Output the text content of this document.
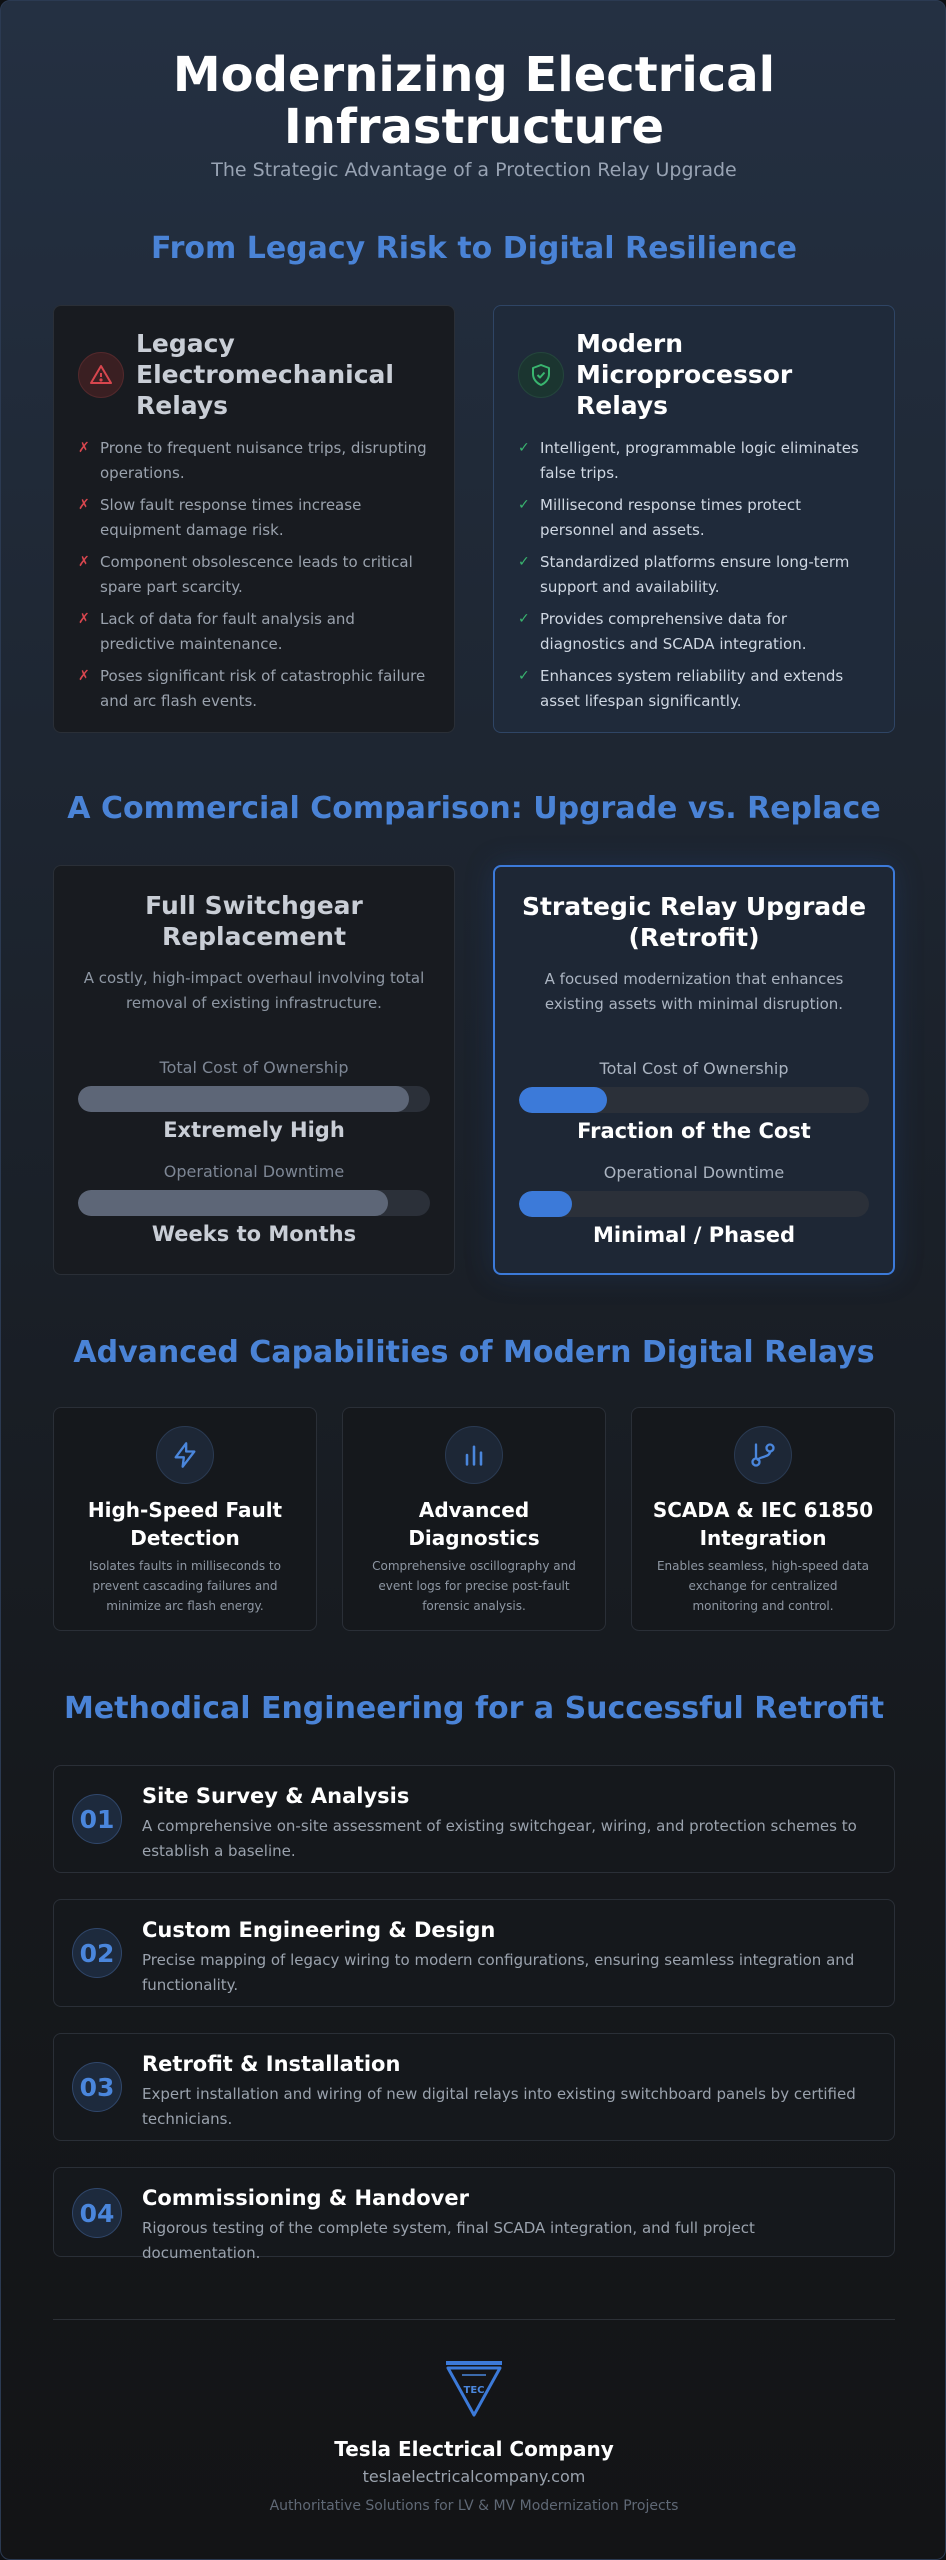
Modernizing Electrical Infrastructure
The Strategic Advantage of a Protection Relay Upgrade
From Legacy Risk to Digital Resilience
Legacy Electromechanical Relays
✗ Prone to frequent nuisance trips, disrupting operations.
✗ Slow fault response times increase equipment damage risk.
✗ Component obsolescence leads to critical spare part scarcity.
✗ Lack of data for fault analysis and predictive maintenance.
✗ Poses significant risk of catastrophic failure and arc flash events.
Modern Microprocessor Relays
✓ Intelligent, programmable logic eliminates false trips.
✓ Millisecond response times protect personnel and assets.
✓ Standardized platforms ensure long-term support and availability.
✓ Provides comprehensive data for diagnostics and SCADA integration.
✓ Enhances system reliability and extends asset lifespan significantly.
A Commercial Comparison: Upgrade vs. Replace
Full Switchgear Replacement
A costly, high-impact overhaul involving total removal of existing infrastructure.
Total Cost of Ownership
Extremely High
Operational Downtime
Weeks to Months
Strategic Relay Upgrade (Retrofit)
A focused modernization that enhances existing assets with minimal disruption.
Total Cost of Ownership
Fraction of the Cost
Operational Downtime
Minimal / Phased
Advanced Capabilities of Modern Digital Relays
High-Speed Fault Detection
Isolates faults in milliseconds to prevent cascading failures and minimize arc flash energy.
Advanced Diagnostics
Comprehensive oscillography and event logs for precise post-fault forensic analysis.
SCADA & IEC 61850 Integration
Enables seamless, high-speed data exchange for centralized monitoring and control.
Methodical Engineering for a Successful Retrofit
01
Site Survey & Analysis
A comprehensive on-site assessment of existing switchgear, wiring, and protection schemes to establish a baseline.
02
Custom Engineering & Design
Precise mapping of legacy wiring to modern configurations, ensuring seamless integration and functionality.
03
Retrofit & Installation
Expert installation and wiring of new digital relays into existing switchboard panels by certified technicians.
04
Commissioning & Handover
Rigorous testing of the complete system, final SCADA integration, and full project documentation.
TEC
Tesla Electrical Company
teslaelectricalcompany.com
Authoritative Solutions for LV & MV Modernization Projects
